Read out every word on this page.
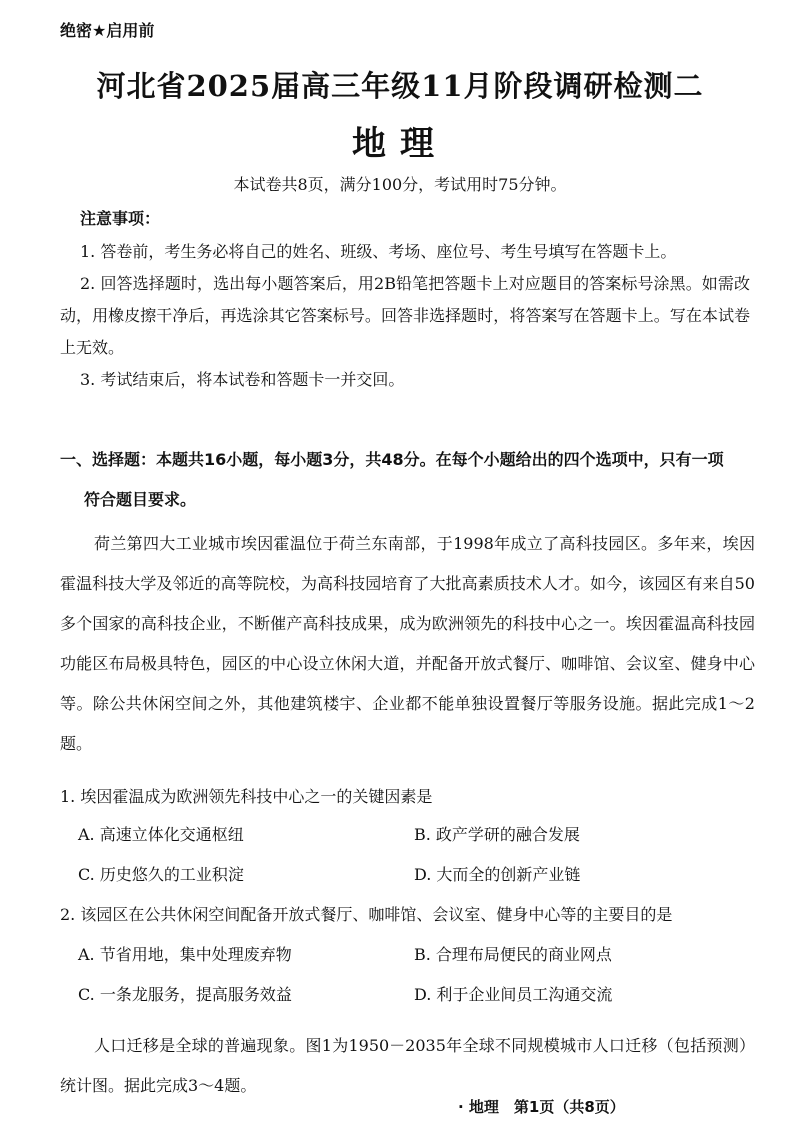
绝密★启用前
河北省2025届高三年级11月阶段调研检测二
地理
本试卷共8页，满分100分，考试用时75分钟。
注意事项：

1. 答卷前，考生务必将自己的姓名、班级、考场、座位号、考生号填写在答题卡上。

2. 回答选择题时，选出每小题答案后，用2B铅笔把答题卡上对应题目的答案标号涂黑。如需改动，用橡皮擦干净后，再选涂其它答案标号。回答非选择题时，将答案写在答题卡上。写在本试卷上无效。

3. 考试结束后，将本试卷和答题卡一并交回。

一、选择题：本题共16小题，每小题3分，共48分。在每个小题给出的四个选项中，只有一项
符合题目要求。

荷兰第四大工业城市埃因霍温位于荷兰东南部，于1998年成立了高科技园区。多年来，埃因霍温科技大学及邻近的高等院校，为高科技园培育了大批高素质技术人才。如今，该园区有来自50多个国家的高科技企业，不断催产高科技成果，成为欧洲领先的科技中心之一。埃因霍温高科技园功能区布局极具特色，园区的中心设立休闲大道，并配备开放式餐厅、咖啡馆、会议室、健身中心等。除公共休闲空间之外，其他建筑楼宇、企业都不能单独设置餐厅等服务设施。据此完成1～2题。

1. 埃因霍温成为欧洲领先科技中心之一的关键因素是
A. 高速立体化交通枢纽	B. 政产学研的融合发展
C. 历史悠久的工业积淀	D. 大而全的创新产业链
2. 该园区在公共休闲空间配备开放式餐厅、咖啡馆、会议室、健身中心等的主要目的是
A. 节省用地，集中处理废弃物	B. 合理布局便民的商业网点
C. 一条龙服务，提高服务效益	D. 利于企业间员工沟通交流

人口迁移是全球的普遍现象。图1为1950－2035年全球不同规模城市人口迁移（包括预测）统计图。据此完成3～4题。

· 地理　第1页（共8页）
